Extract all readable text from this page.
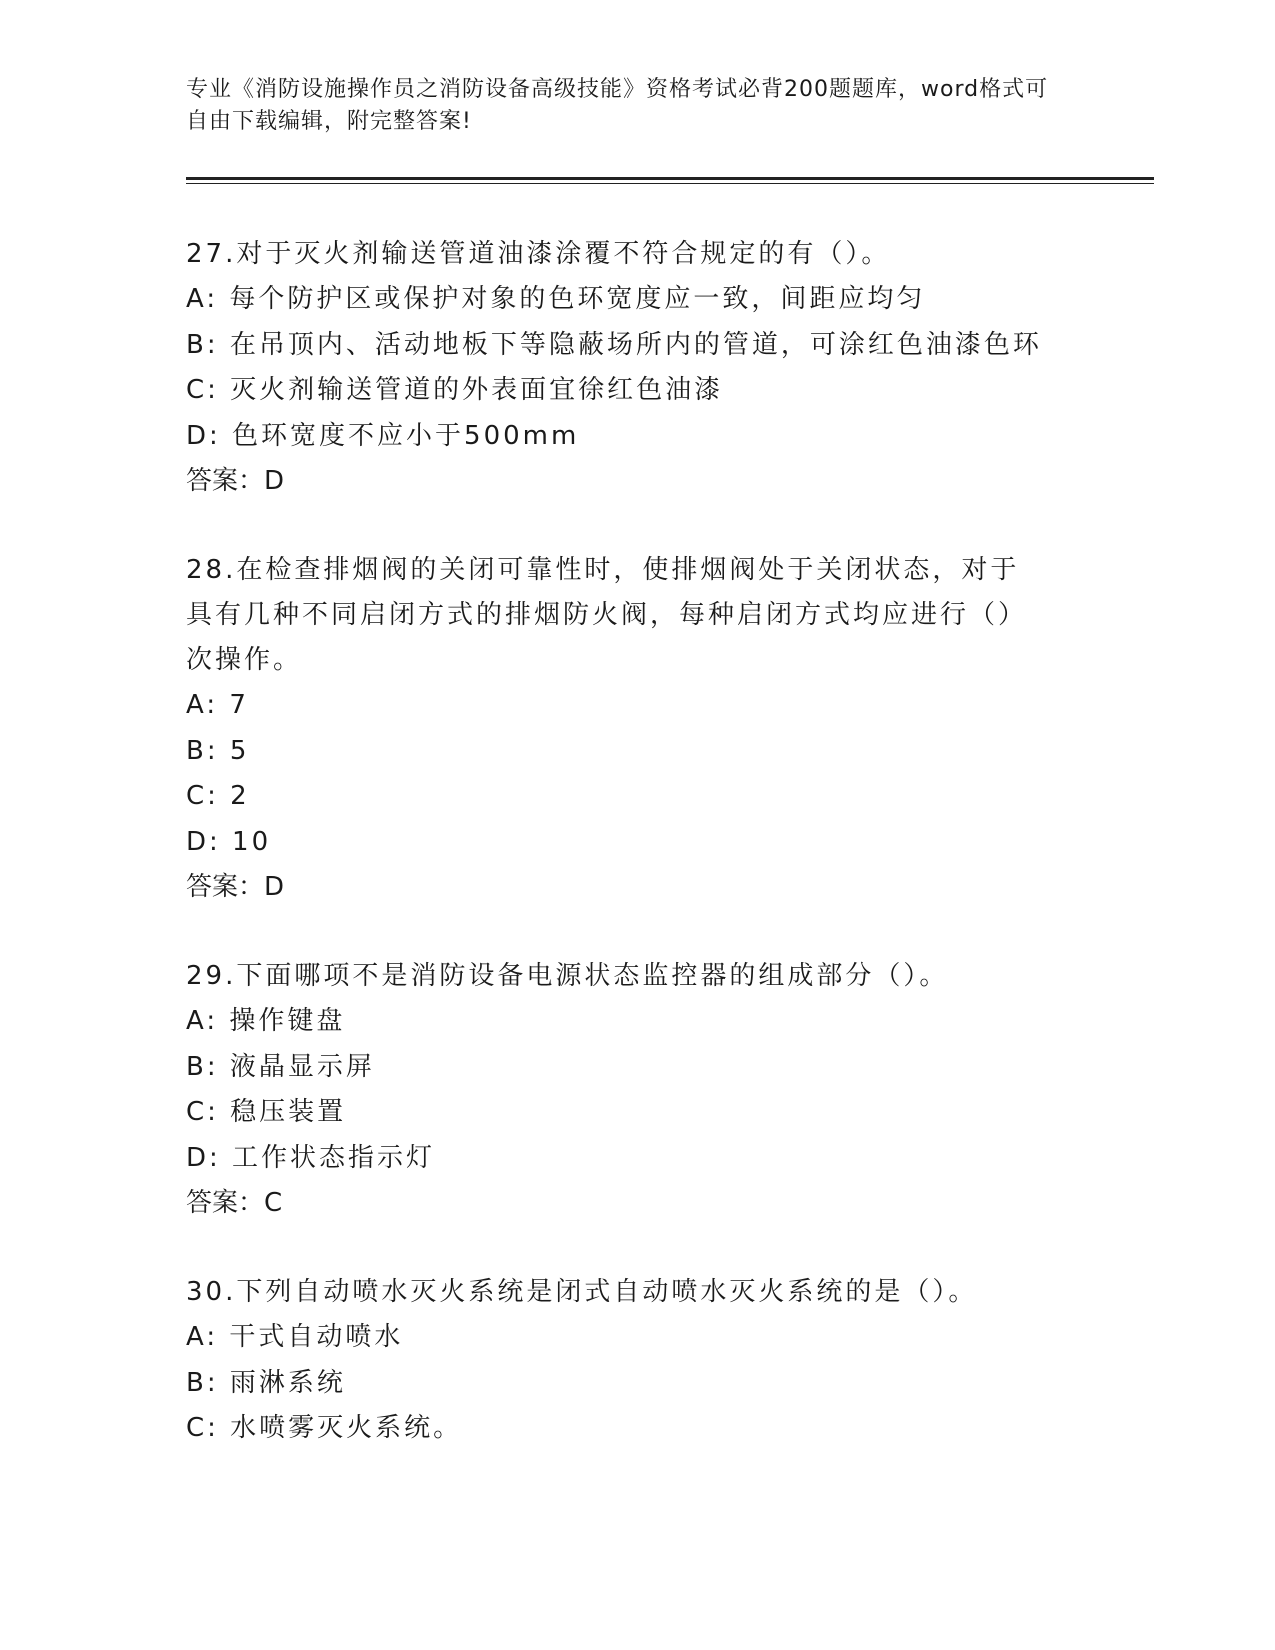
专业《消防设施操作员之消防设备高级技能》资格考试必背200题题库，word格式可自由下载编辑，附完整答案!
27.对于灭火剂输送管道油漆涂覆不符合规定的有（）。
A: 每个防护区或保护对象的色环宽度应一致，间距应均匀
B: 在吊顶内、活动地板下等隐蔽场所内的管道，可涂红色油漆色环
C: 灭火剂输送管道的外表面宜徐红色油漆
D: 色环宽度不应小于500mm
答案：D
28.在检查排烟阀的关闭可靠性时，使排烟阀处于关闭状态，对于具有几种不同启闭方式的排烟防火阀，每种启闭方式均应进行（）次操作。
A: 7
B: 5
C: 2
D: 10
答案：D
29.下面哪项不是消防设备电源状态监控器的组成部分（）。
A: 操作键盘
B: 液晶显示屏
C: 稳压装置
D: 工作状态指示灯
答案：C
30.下列自动喷水灭火系统是闭式自动喷水灭火系统的是（）。
A: 干式自动喷水
B: 雨淋系统
C: 水喷雾灭火系统。
